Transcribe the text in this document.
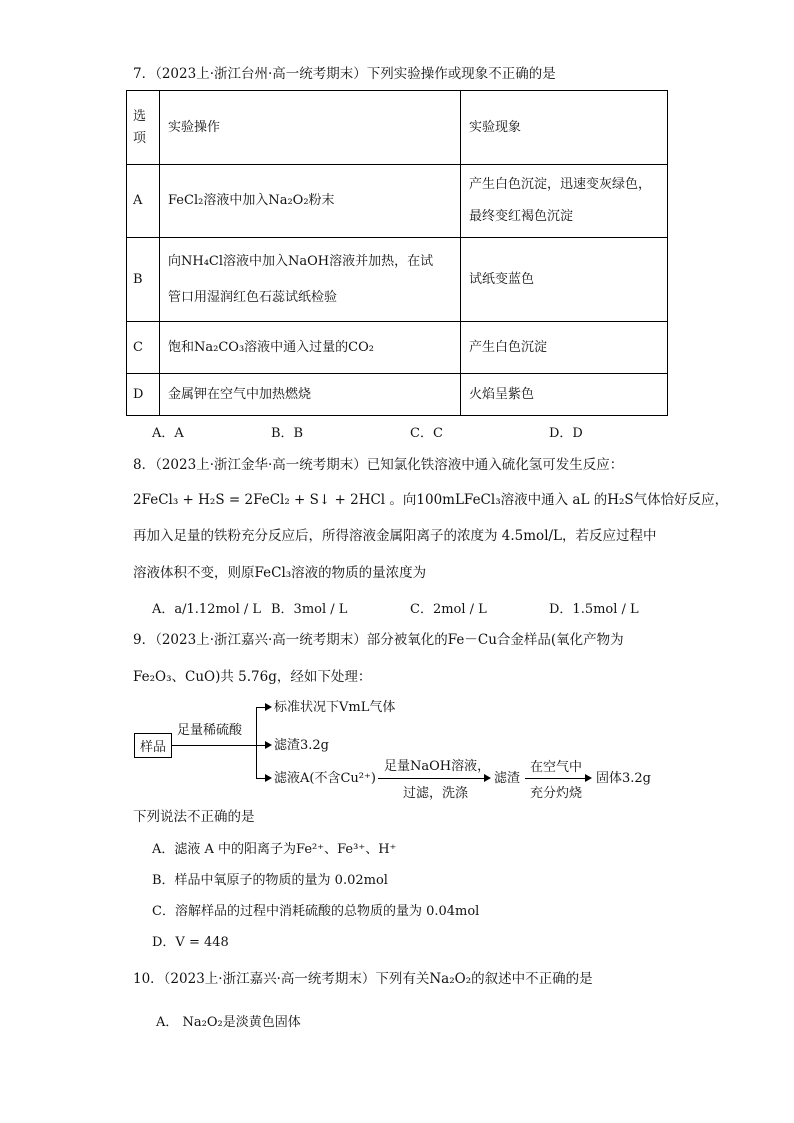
7．（2023上·浙江台州·高一统考期末）下列实验操作或现象不正确的是
选项	实验操作	实验现象
A	FeCl₂溶液中加入Na₂O₂粉末	产生白色沉淀，迅速变灰绿色，
最终变红褐色沉淀

B	向NH₄Cl溶液中加入NaOH溶液并加热，在试
管口用湿润红色石蕊试纸检验	试纸变蓝色
C	饱和Na₂CO₃溶液中通入过量的CO₂	产生白色沉淀
D	金属钾在空气中加热燃烧	火焰呈紫色
A．A	B．B	C．C	D．D
8．（2023上·浙江金华·高一统考期末）已知氯化铁溶液中通入硫化氢可发生反应：
2FeCl₃ + H₂S = 2FeCl₂ + S↓ + 2HCl 。向100mLFeCl₃溶液中通入 aL 的H₂S气体恰好反应，
再加入足量的铁粉充分反应后，所得溶液金属阳离子的浓度为 4.5mol/L，若反应过程中
溶液体积不变，则原FeCl₃溶液的物质的量浓度为
A．a/1.12mol / L B．3mol / L	C．2mol / L	D．1.5mol / L
9．（2023上·浙江嘉兴·高一统考期末）部分被氧化的Fe－Cu合金样品(氧化产物为
Fe₂O₃、CuO)共 5.76g，经如下处理：
样品
足量稀硫酸
标准状况下VmL气体
滤渣3.2g
滤液A(不含Cu²⁺)
足量NaOH溶液，
过滤，洗涤
滤渣
在空气中
充分灼烧
固体3.2g
下列说法不正确的是
A．滤液 A 中的阳离子为Fe²⁺、Fe³⁺、H⁺
B．样品中氧原子的物质的量为 0.02mol
C．溶解样品的过程中消耗硫酸的总物质的量为 0.04mol
D．V = 448
10．（2023上·浙江嘉兴·高一统考期末）下列有关Na₂O₂的叙述中不正确的是
A． Na₂O₂是淡黄色固体
